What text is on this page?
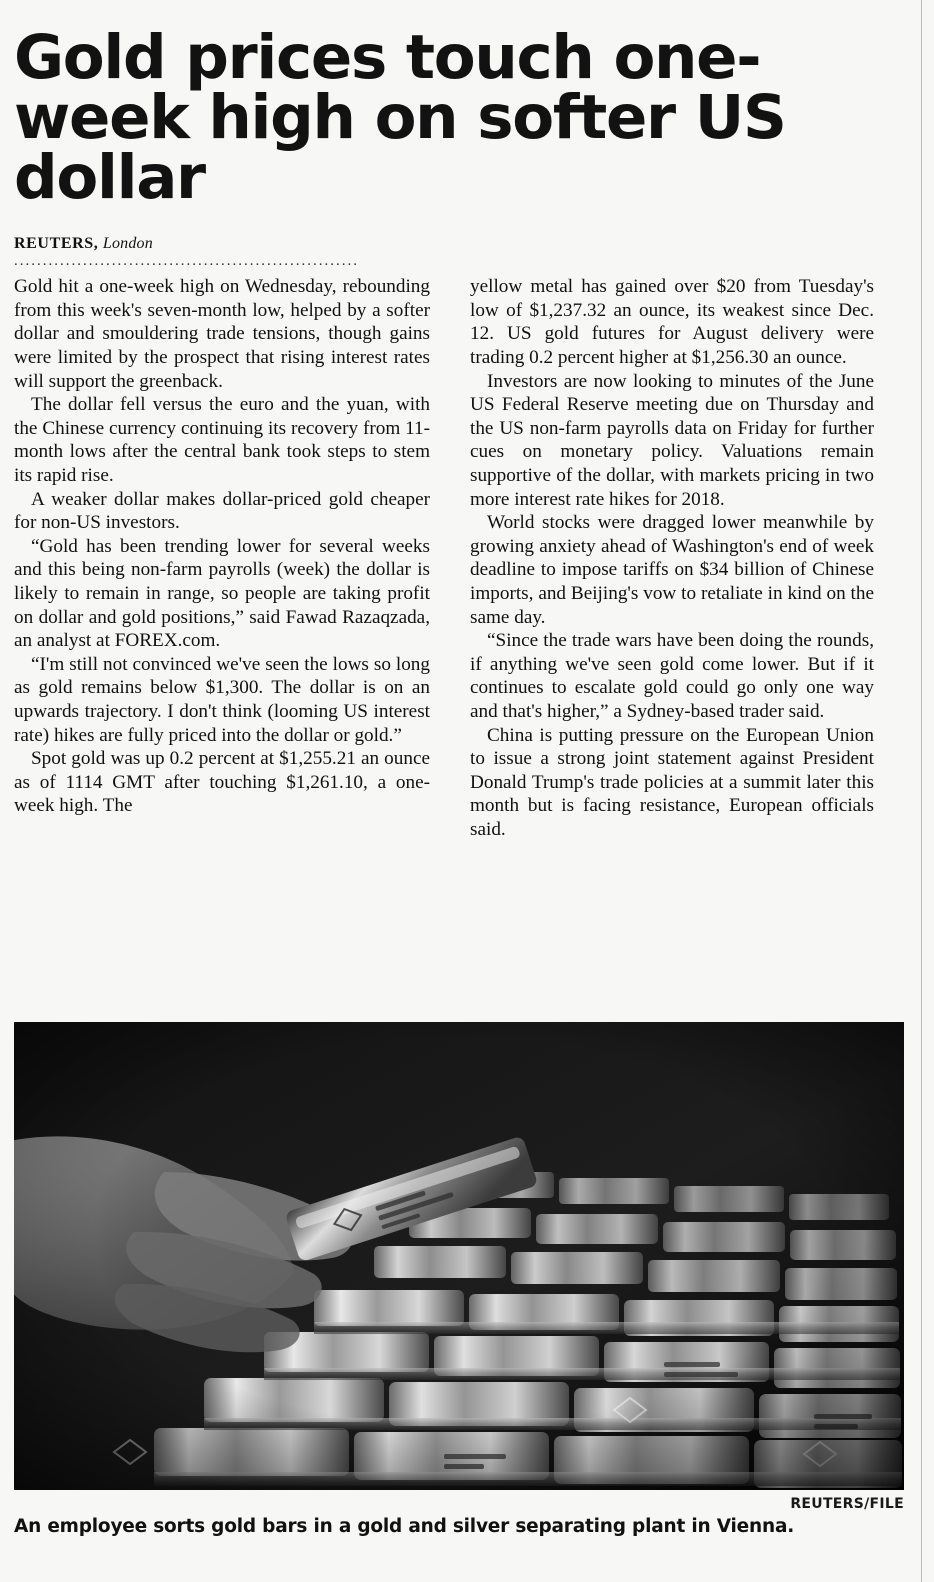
Gold prices touch one-week high on softer US dollar
REUTERS, London
............................................................

Gold hit a one-week high on Wednesday, rebounding from this week's seven-month low, helped by a softer dollar and smouldering trade tensions, though gains were limited by the prospect that rising interest rates will support the greenback.

The dollar fell versus the euro and the yuan, with the Chinese currency continuing its recovery from 11-month lows after the central bank took steps to stem its rapid rise.

A weaker dollar makes dollar-priced gold cheaper for non-US investors.

“Gold has been trending lower for several weeks and this being non-farm payrolls (week) the dollar is likely to remain in range, so people are taking profit on dollar and gold positions,” said Fawad Razaqzada, an analyst at FOREX.com.

“I'm still not convinced we've seen the lows so long as gold remains below $1,300. The dollar is on an upwards trajectory. I don't think (looming US interest rate) hikes are fully priced into the dollar or gold.”

Spot gold was up 0.2 percent at $1,255.21 an ounce as of 1114 GMT after touching $1,261.10, a one-week high. The

yellow metal has gained over $20 from Tuesday's low of $1,237.32 an ounce, its weakest since Dec. 12. US gold futures for August delivery were trading 0.2 percent higher at $1,256.30 an ounce.

Investors are now looking to minutes of the June US Federal Reserve meeting due on Thursday and the US non-farm payrolls data on Friday for further cues on monetary policy. Valuations remain supportive of the dollar, with markets pricing in two more interest rate hikes for 2018.

World stocks were dragged lower meanwhile by growing anxiety ahead of Washington's end of week deadline to impose tariffs on $34 billion of Chinese imports, and Beijing's vow to retaliate in kind on the same day.

“Since the trade wars have been doing the rounds, if anything we've seen gold come lower. But if it continues to escalate gold could go only one way and that's higher,” a Sydney-based trader said.

China is putting pressure on the European Union to issue a strong joint statement against President Donald Trump's trade policies at a summit later this month but is facing resistance, European officials said.

REUTERS/FILE
An employee sorts gold bars in a gold and silver separating plant in Vienna.
